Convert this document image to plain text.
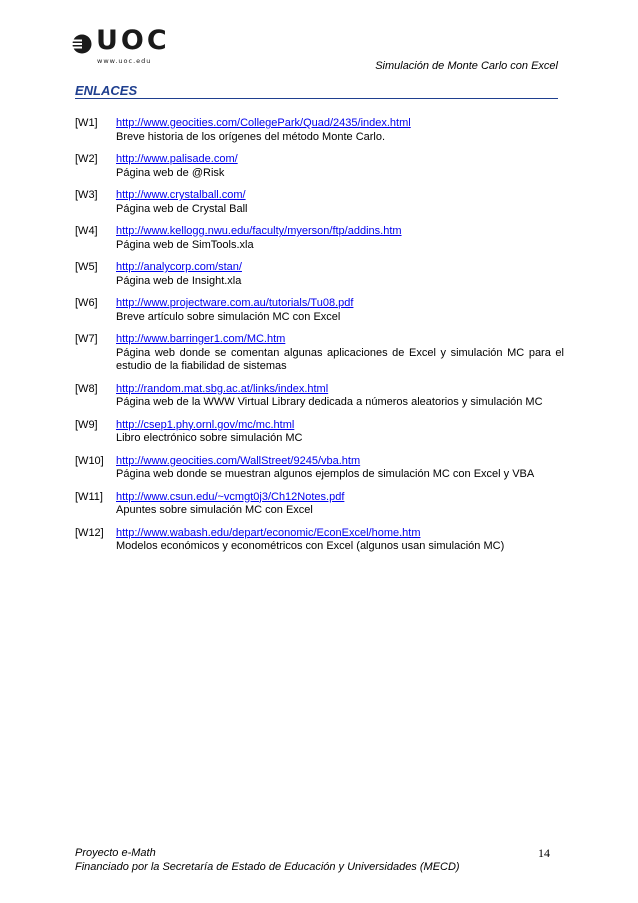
UOC
www.uoc.edu	Simulación de Monte Carlo con Excel
ENLACES
[W1] http://www.geocities.com/CollegePark/Quad/2435/index.html
Breve historia de los orígenes del método Monte Carlo.
[W2] http://www.palisade.com/
Página web de @Risk
[W3] http://www.crystalball.com/
Página web de Crystal Ball
[W4] http://www.kellogg.nwu.edu/faculty/myerson/ftp/addins.htm
Página web de SimTools.xla
[W5] http://analycorp.com/stan/
Página web de Insight.xla
[W6] http://www.projectware.com.au/tutorials/Tu08.pdf
Breve artículo sobre simulación MC con Excel
[W7] http://www.barringer1.com/MC.htm
Página web donde se comentan algunas aplicaciones de Excel y simulación MC para el estudio de la fiabilidad de sistemas
[W8] http://random.mat.sbg.ac.at/links/index.html
Página web de la WWW Virtual Library dedicada a números aleatorios y simulación MC
[W9] http://csep1.phy.ornl.gov/mc/mc.html
Libro electrónico sobre simulación MC
[W10] http://www.geocities.com/WallStreet/9245/vba.htm
Página web donde se muestran algunos ejemplos de simulación MC con Excel y VBA
[W11] http://www.csun.edu/~vcmgt0j3/Ch12Notes.pdf
Apuntes sobre simulación MC con Excel
[W12] http://www.wabash.edu/depart/economic/EconExcel/home.htm
Modelos económicos y econométricos con Excel (algunos usan simulación MC)
Proyecto e-Math
Financiado por la Secretaría de Estado de Educación y Universidades (MECD)
14
